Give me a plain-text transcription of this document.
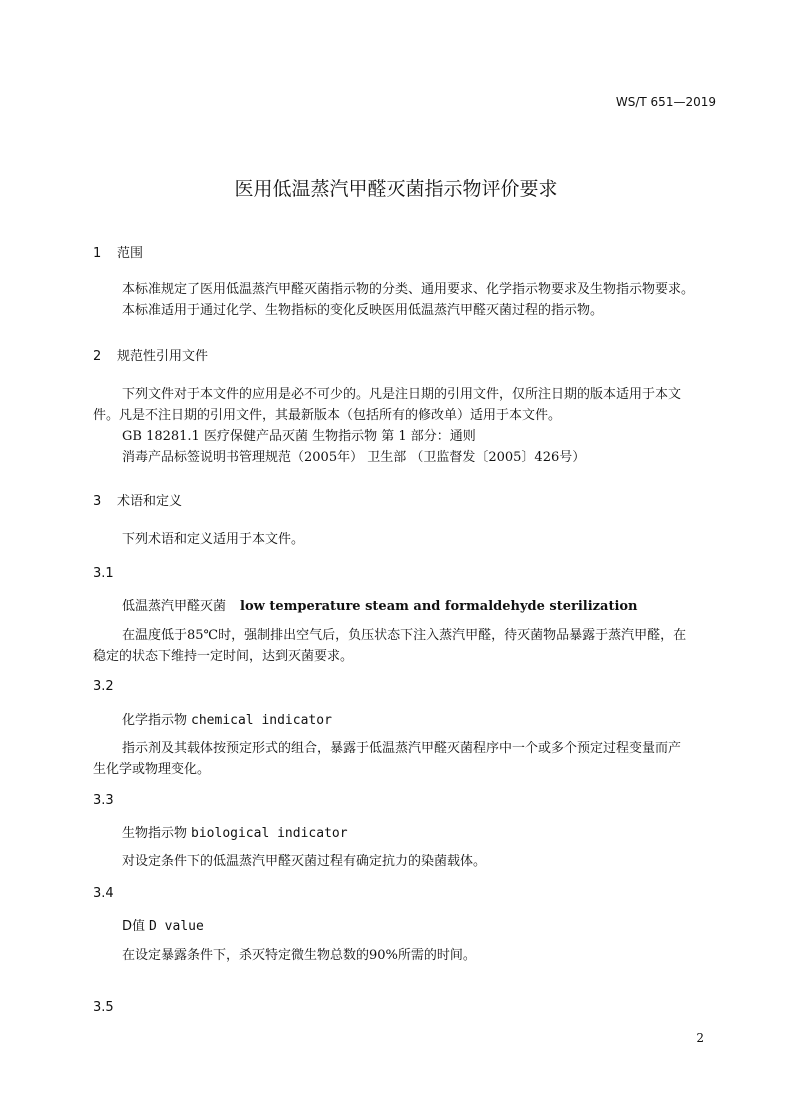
WS/T 651—2019
医用低温蒸汽甲醛灭菌指示物评价要求
1 范围
本标准规定了医用低温蒸汽甲醛灭菌指示物的分类、通用要求、化学指示物要求及生物指示物要求。
本标准适用于通过化学、生物指标的变化反映医用低温蒸汽甲醛灭菌过程的指示物。
2 规范性引用文件
下列文件对于本文件的应用是必不可少的。凡是注日期的引用文件，仅所注日期的版本适用于本文
件。凡是不注日期的引用文件，其最新版本（包括所有的修改单）适用于本文件。
GB 18281.1 医疗保健产品灭菌 生物指示物 第 1 部分：通则
消毒产品标签说明书管理规范（2005年） 卫生部 （卫监督发〔2005〕426号）
3 术语和定义
下列术语和定义适用于本文件。
3.1
低温蒸汽甲醛灭菌 low temperature steam and formaldehyde sterilization
在温度低于85℃时，强制排出空气后，负压状态下注入蒸汽甲醛，待灭菌物品暴露于蒸汽甲醛，在
稳定的状态下维持一定时间，达到灭菌要求。
3.2
化学指示物 chemical indicator
指示剂及其载体按预定形式的组合，暴露于低温蒸汽甲醛灭菌程序中一个或多个预定过程变量而产
生化学或物理变化。
3.3
生物指示物 biological indicator
对设定条件下的低温蒸汽甲醛灭菌过程有确定抗力的染菌载体。
3.4
D值 D value
在设定暴露条件下，杀灭特定微生物总数的90%所需的时间。
3.5
2
